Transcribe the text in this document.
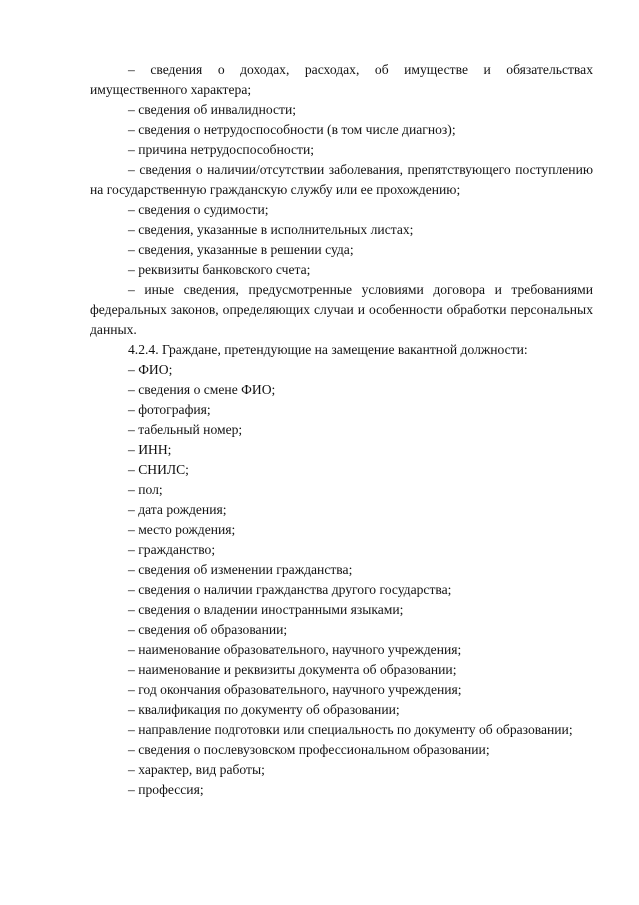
– сведения о доходах, расходах, об имуществе и обязательствах имущественного характера;

– сведения об инвалидности;

– сведения о нетрудоспособности (в том числе диагноз);

– причина нетрудоспособности;

– сведения о наличии/отсутствии заболевания, препятствующего поступлению на государственную гражданскую службу или ее прохождению;

– сведения о судимости;

– сведения, указанные в исполнительных листах;

– сведения, указанные в решении суда;

– реквизиты банковского счета;

– иные сведения, предусмотренные условиями договора и требованиями федеральных законов, определяющих случаи и особенности обработки персональных данных.

4.2.4. Граждане, претендующие на замещение вакантной должности:

– ФИО;

– сведения о смене ФИО;

– фотография;

– табельный номер;

– ИНН;

– СНИЛС;

– пол;

– дата рождения;

– место рождения;

– гражданство;

– сведения об изменении гражданства;

– сведения о наличии гражданства другого государства;

– сведения о владении иностранными языками;

– сведения об образовании;

– наименование образовательного, научного учреждения;

– наименование и реквизиты документа об образовании;

– год окончания образовательного, научного учреждения;

– квалификация по документу об образовании;

– направление подготовки или специальность по документу об образовании;

– сведения о послевузовском профессиональном образовании;

– характер, вид работы;

– профессия;
